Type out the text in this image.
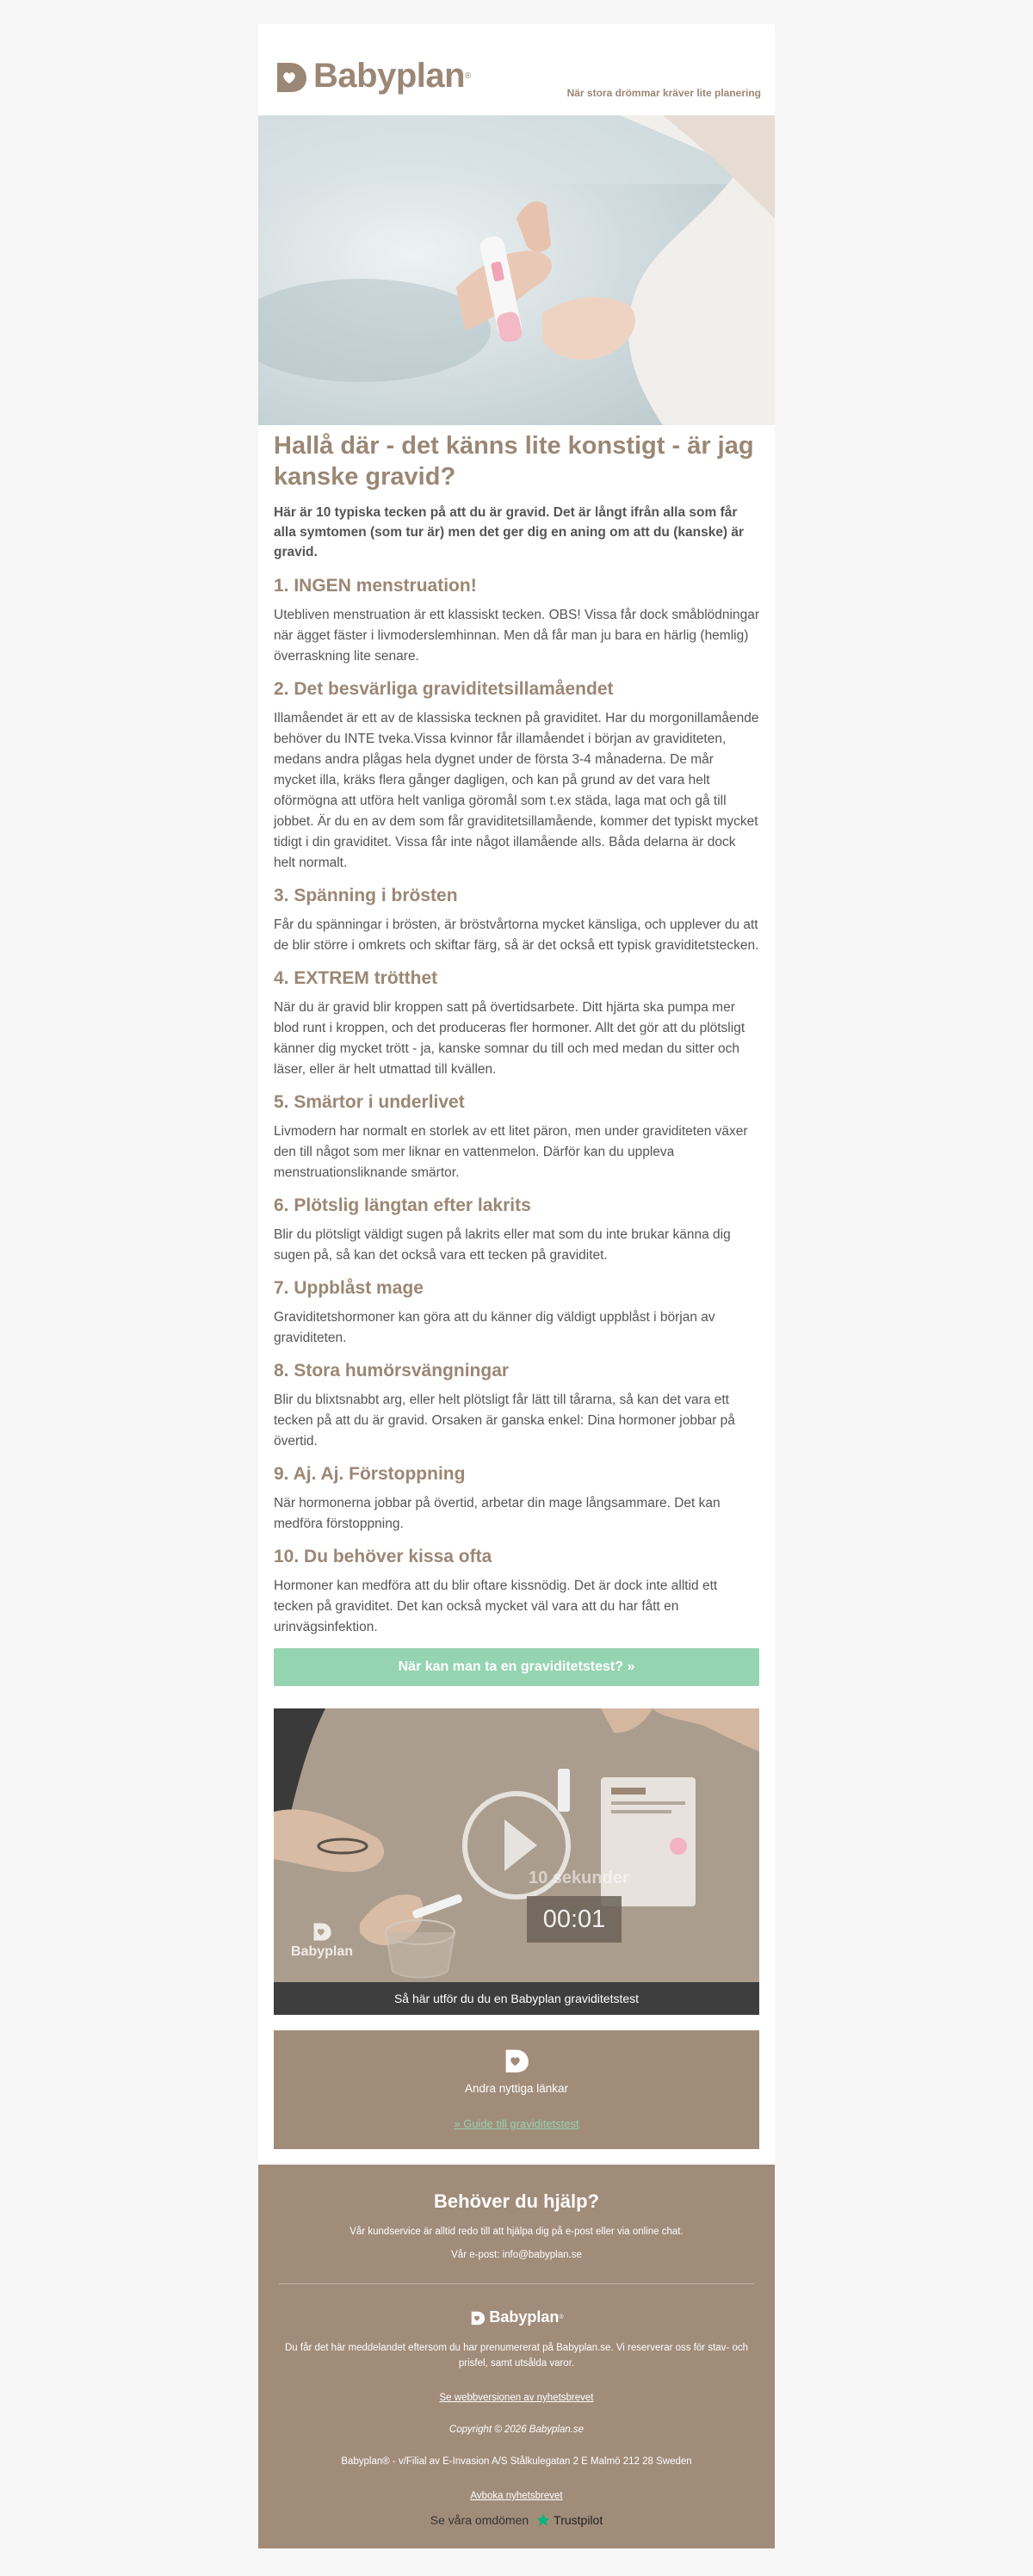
Babyplan ®
När stora drömmar kräver lite planering
Hallå där - det känns lite konstigt - är jag kanske gravid?

Här är 10 typiska tecken på att du är gravid. Det är långt ifrån alla som får alla symtomen (som tur är) men det ger dig en aning om att du (kanske) är gravid.

1. INGEN menstruation!

Utebliven menstruation är ett klassiskt tecken. OBS! Vissa får dock småblödningar när ägget fäster i livmoderslemhinnan. Men då får man ju bara en härlig (hemlig) överraskning lite senare.

2. Det besvärliga graviditetsillamåendet

Illamåendet är ett av de klassiska tecknen på graviditet. Har du morgonillamående behöver du INTE tveka.Vissa kvinnor får illamåendet i början av graviditeten, medans andra plågas hela dygnet under de första 3-4 månaderna. De mår mycket illa, kräks flera gånger dagligen, och kan på grund av det vara helt oförmögna att utföra helt vanliga göromål som t.ex städa, laga mat och gå till jobbet. Är du en av dem som får graviditetsillamående, kommer det typiskt mycket tidigt i din graviditet. Vissa får inte något illamående alls. Båda delarna är dock helt normalt.

3. Spänning i brösten

Får du spänningar i brösten, är bröstvårtorna mycket känsliga, och upplever du att de blir större i omkrets och skiftar färg, så är det också ett typisk graviditetstecken.

4. EXTREM trötthet

När du är gravid blir kroppen satt på övertidsarbete. Ditt hjärta ska pumpa mer blod runt i kroppen, och det produceras fler hormoner. Allt det gör att du plötsligt känner dig mycket trött - ja, kanske somnar du till och med medan du sitter och läser, eller är helt utmattad till kvällen.

5. Smärtor i underlivet

Livmodern har normalt en storlek av ett litet päron, men under graviditeten växer den till något som mer liknar en vattenmelon. Därför kan du uppleva menstruationsliknande smärtor.

6. Plötslig längtan efter lakrits

Blir du plötsligt väldigt sugen på lakrits eller mat som du inte brukar känna dig sugen på, så kan det också vara ett tecken på graviditet.

7. Uppblåst mage

Graviditetshormoner kan göra att du känner dig väldigt uppblåst i början av graviditeten.

8. Stora humörsvängningar

Blir du blixtsnabbt arg, eller helt plötsligt får lätt till tårarna, så kan det vara ett tecken på att du är gravid. Orsaken är ganska enkel: Dina hormoner jobbar på övertid.

9. Aj. Aj. Förstoppning

När hormonerna jobbar på övertid, arbetar din mage långsammare. Det kan medföra förstoppning.

10. Du behöver kissa ofta

Hormoner kan medföra att du blir oftare kissnödig. Det är dock inte alltid ett tecken på graviditet. Det kan också mycket väl vara att du har fått en urinvägsinfektion.

När kan man ta en graviditetstest? »
10 sekunder
00:01
Babyplan
Så här utför du du en Babyplan graviditetstest
Andra nyttiga länkar
» Guide till graviditetstest
Behöver du hjälp?

Vår kundservice är alltid redo till att hjälpa dig på e-post eller via online chat.

Vår e-post: info@babyplan.se

Babyplan ®

Du får det här meddelandet eftersom du har prenumererat på Babyplan.se. Vi reserverar oss för stav- och prisfel, samt utsålda varor.

Se webbversionen av nyhetsbrevet

Copyright © 2026 Babyplan.se

Babyplan® - v/Filial av E-Invasion A/S Stålkulegatan 2 E Malmö 212 28 Sweden

Avboka nyhetsbrevet

Se våra omdömen Trustpilot
